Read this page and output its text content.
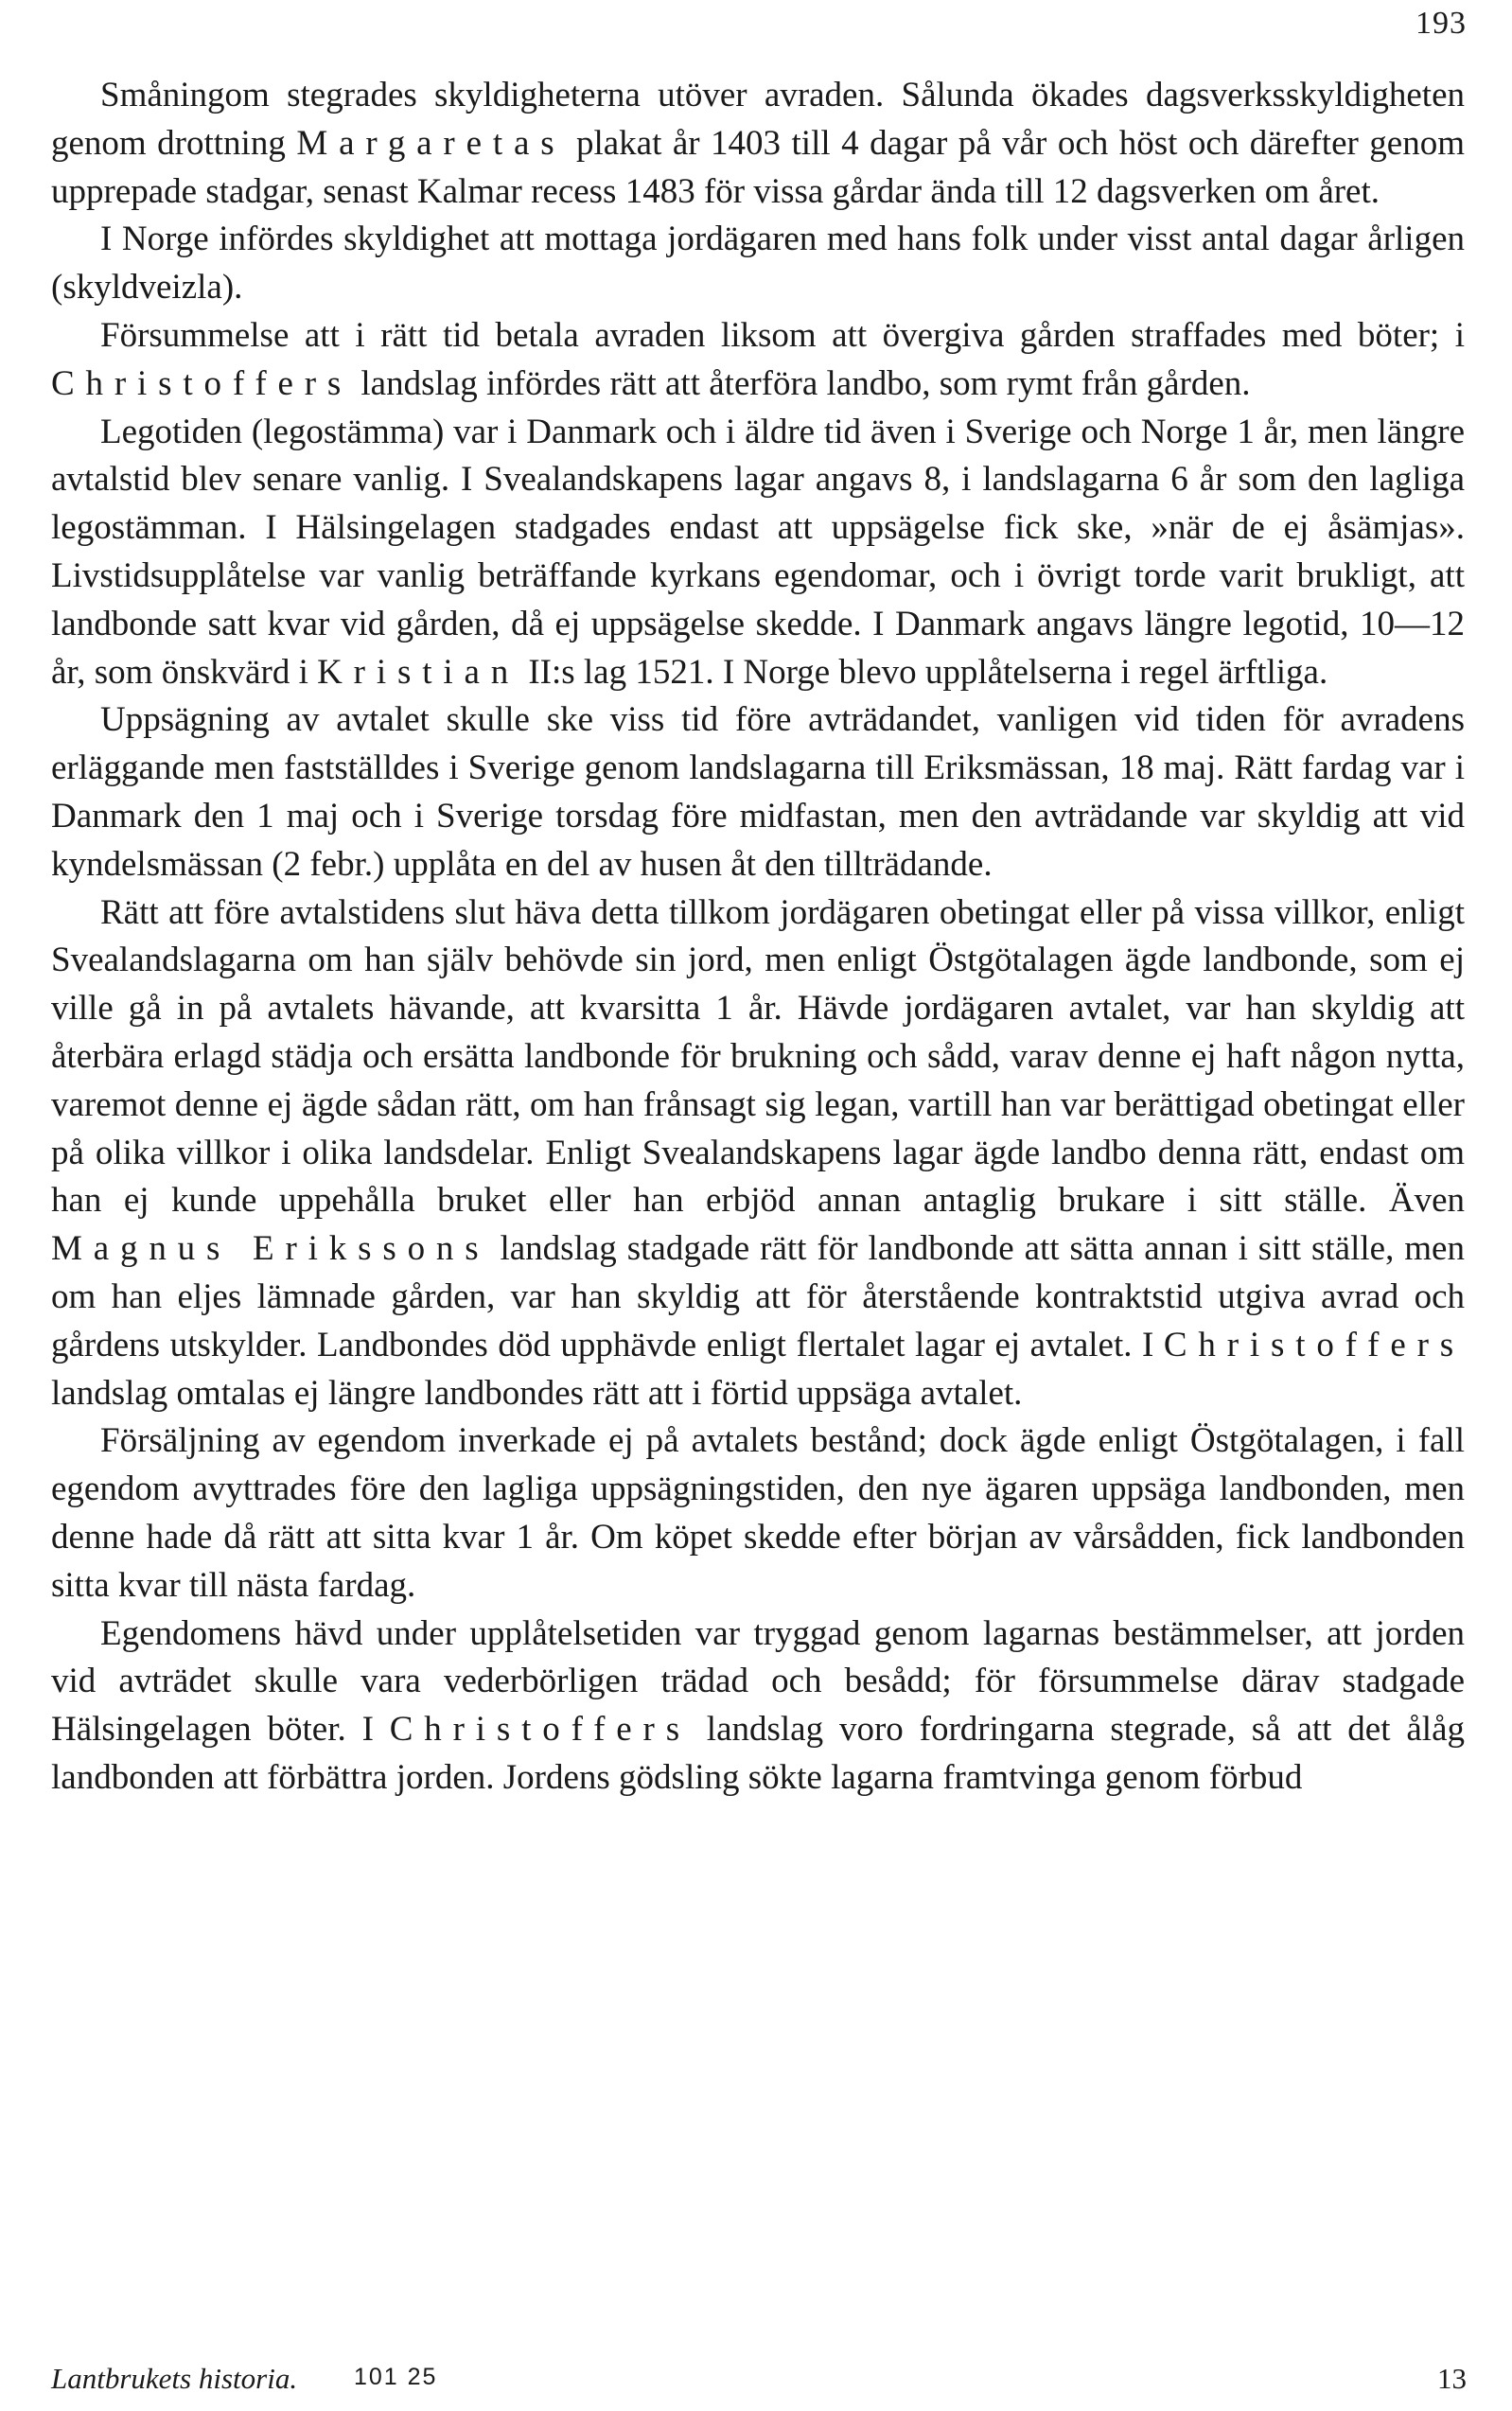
193

Småningom stegrades skyldigheterna utöver avraden. Sålunda ökades dagsverksskyldigheten genom drottning Margaretas plakat år 1403 till 4 dagar på vår och höst och därefter genom upprepade stadgar, senast Kalmar recess 1483 för vissa gårdar ända till 12 dagsverken om året.

I Norge infördes skyldighet att mottaga jordägaren med hans folk under visst antal dagar årligen (skyldveizla).

Försummelse att i rätt tid betala avraden liksom att övergiva gården straffades med böter; i Christoffers landslag infördes rätt att återföra landbo, som rymt från gården.

Legotiden (legostämma) var i Danmark och i äldre tid även i Sverige och Norge 1 år, men längre avtalstid blev senare vanlig. I Svealandskapens lagar angavs 8, i landslagarna 6 år som den lagliga legostämman. I Hälsingelagen stadgades endast att uppsägelse fick ske, »när de ej åsämjas». Livstidsupplåtelse var vanlig beträffande kyrkans egendomar, och i övrigt torde varit brukligt, att landbonde satt kvar vid gården, då ej uppsägelse skedde. I Danmark angavs längre legotid, 10—12 år, som önskvärd i Kristian II:s lag 1521. I Norge blevo upplåtelserna i regel ärftliga.

Uppsägning av avtalet skulle ske viss tid före avträdandet, vanligen vid tiden för avradens erläggande men fastställdes i Sverige genom landslagarna till Eriksmässan, 18 maj. Rätt fardag var i Danmark den 1 maj och i Sverige torsdag före midfastan, men den avträdande var skyldig att vid kyndelsmässan (2 febr.) upplåta en del av husen åt den tillträdande.

Rätt att före avtalstidens slut häva detta tillkom jordägaren obetingat eller på vissa villkor, enligt Svealandslagarna om han själv behövde sin jord, men enligt Östgötalagen ägde landbonde, som ej ville gå in på avtalets hävande, att kvarsitta 1 år. Hävde jordägaren avtalet, var han skyldig att återbära erlagd städja och ersätta landbonde för brukning och sådd, varav denne ej haft någon nytta, varemot denne ej ägde sådan rätt, om han frånsagt sig legan, vartill han var berättigad obetingat eller på olika villkor i olika landsdelar. Enligt Svealandskapens lagar ägde landbo denna rätt, endast om han ej kunde uppehålla bruket eller han erbjöd annan antaglig brukare i sitt ställe. Även Magnus Erikssons landslag stadgade rätt för landbonde att sätta annan i sitt ställe, men om han eljes lämnade gården, var han skyldig att för återstående kontraktstid utgiva avrad och gårdens utskylder. Landbondes död upphävde enligt flertalet lagar ej avtalet. I Christoffers landslag omtalas ej längre landbondes rätt att i förtid uppsäga avtalet.

Försäljning av egendom inverkade ej på avtalets bestånd; dock ägde enligt Östgötalagen, i fall egendom avyttrades före den lagliga uppsägningstiden, den nye ägaren uppsäga landbonden, men denne hade då rätt att sitta kvar 1 år. Om köpet skedde efter början av vårsådden, fick landbonden sitta kvar till nästa fardag.

Egendomens hävd under upplåtelsetiden var tryggad genom lagarnas bestämmelser, att jorden vid avträdet skulle vara vederbörligen trädad och besådd; för försummelse därav stadgade Hälsingelagen böter. I Christoffers landslag voro fordringarna stegrade, så att det ålåg landbonden att förbättra jorden. Jordens gödsling sökte lagarna framtvinga genom förbud

Lantbrukets historia. 101 25	13
